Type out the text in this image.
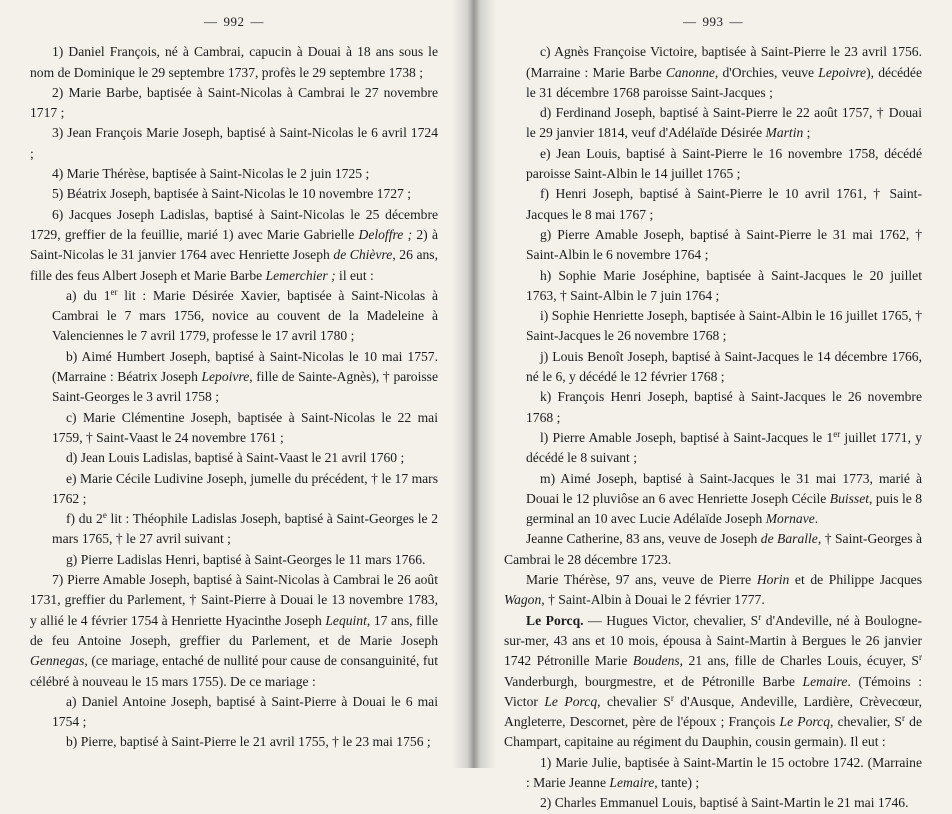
— 992 —

1) Daniel François, né à Cambrai, capucin à Douai à 18 ans sous le nom de Dominique le 29 septembre 1737, profès le 29 septembre 1738 ;

2) Marie Barbe, baptisée à Saint-Nicolas à Cambrai le 27 novembre 1717 ;

3) Jean François Marie Joseph, baptisé à Saint-Nicolas le 6 avril 1724 ;

4) Marie Thérèse, baptisée à Saint-Nicolas le 2 juin 1725 ;

5) Béatrix Joseph, baptisée à Saint-Nicolas le 10 novembre 1727 ;

6) Jacques Joseph Ladislas, baptisé à Saint-Nicolas le 25 décembre 1729, greffier de la feuillie, marié 1) avec Marie Gabrielle Deloffre ; 2) à Saint-Nicolas le 31 janvier 1764 avec Henriette Joseph de Chièvre, 26 ans, fille des feus Albert Joseph et Marie Barbe Lemerchier ; il eut :

a) du 1er lit : Marie Désirée Xavier, baptisée à Saint-Nicolas à Cambrai le 7 mars 1756, novice au couvent de la Madeleine à Valenciennes le 7 avril 1779, professe le 17 avril 1780 ;

b) Aimé Humbert Joseph, baptisé à Saint-Nicolas le 10 mai 1757. (Marraine : Béatrix Joseph Lepoivre, fille de Sainte-Agnès), † paroisse Saint-Georges le 3 avril 1758 ;

c) Marie Clémentine Joseph, baptisée à Saint-Nicolas le 22 mai 1759, † Saint-Vaast le 24 novembre 1761 ;

d) Jean Louis Ladislas, baptisé à Saint-Vaast le 21 avril 1760 ;

e) Marie Cécile Ludivine Joseph, jumelle du précédent, † le 17 mars 1762 ;

f) du 2e lit : Théophile Ladislas Joseph, baptisé à Saint-Georges le 2 mars 1765, † le 27 avril suivant ;

g) Pierre Ladislas Henri, baptisé à Saint-Georges le 11 mars 1766.

7) Pierre Amable Joseph, baptisé à Saint-Nicolas à Cambrai le 26 août 1731, greffier du Parlement, † Saint-Pierre à Douai le 13 novembre 1783, y allié le 4 février 1754 à Henriette Hyacinthe Joseph Lequint, 17 ans, fille de feu Antoine Joseph, greffier du Parlement, et de Marie Joseph Gennegas, (ce mariage, entaché de nullité pour cause de consanguinité, fut célébré à nouveau le 15 mars 1755). De ce mariage :

a) Daniel Antoine Joseph, baptisé à Saint-Pierre à Douai le 6 mai 1754 ;

b) Pierre, baptisé à Saint-Pierre le 21 avril 1755, † le 23 mai 1756 ;

— 993 —

c) Agnès Françoise Victoire, baptisée à Saint-Pierre le 23 avril 1756. (Marraine : Marie Barbe Canonne, d'Orchies, veuve Lepoivre), décédée le 31 décembre 1768 paroisse Saint-Jacques ;

d) Ferdinand Joseph, baptisé à Saint-Pierre le 22 août 1757, † Douai le 29 janvier 1814, veuf d'Adélaïde Désirée Martin ;

e) Jean Louis, baptisé à Saint-Pierre le 16 novembre 1758, décédé paroisse Saint-Albin le 14 juillet 1765 ;

f) Henri Joseph, baptisé à Saint-Pierre le 10 avril 1761, † Saint-Jacques le 8 mai 1767 ;

g) Pierre Amable Joseph, baptisé à Saint-Pierre le 31 mai 1762, † Saint-Albin le 6 novembre 1764 ;

h) Sophie Marie Joséphine, baptisée à Saint-Jacques le 20 juillet 1763, † Saint-Albin le 7 juin 1764 ;

i) Sophie Henriette Joseph, baptisée à Saint-Albin le 16 juillet 1765, † Saint-Jacques le 26 novembre 1768 ;

j) Louis Benoît Joseph, baptisé à Saint-Jacques le 14 décembre 1766, né le 6, y décédé le 12 février 1768 ;

k) François Henri Joseph, baptisé à Saint-Jacques le 26 novembre 1768 ;

l) Pierre Amable Joseph, baptisé à Saint-Jacques le 1er juillet 1771, y décédé le 8 suivant ;

m) Aimé Joseph, baptisé à Saint-Jacques le 31 mai 1773, marié à Douai le 12 pluviôse an 6 avec Henriette Joseph Cécile Buisset, puis le 8 germinal an 10 avec Lucie Adélaïde Joseph Mornave.

Jeanne Catherine, 83 ans, veuve de Joseph de Baralle, † Saint-Georges à Cambrai le 28 décembre 1723.

Marie Thérèse, 97 ans, veuve de Pierre Horin et de Philippe Jacques Wagon, † Saint-Albin à Douai le 2 février 1777.

Le Porcq. — Hugues Victor, chevalier, $S^r$ d'Andeville, né à Boulogne-sur-mer, 43 ans et 10 mois, épousa à Saint-Martin à Bergues le 26 janvier 1742 Pétronille Marie Boudens, 21 ans, fille de Charles Louis, écuyer, $S^r$ Vanderburgh, bourgmestre, et de Pétronille Barbe Lemaire. (Témoins : Victor Le Porcq, chevalier $S^r$ d'Ausque, Andeville, Lardière, Crèvecœur, Angleterre, Descornet, père de l'époux ; François Le Porcq, chevalier, $S^r$ de Champart, capitaine au régiment du Dauphin, cousin germain). Il eut :

1) Marie Julie, baptisée à Saint-Martin le 15 octobre 1742. (Marraine : Marie Jeanne Lemaire, tante) ;

2) Charles Emmanuel Louis, baptisé à Saint-Martin le 21 mai 1746.
